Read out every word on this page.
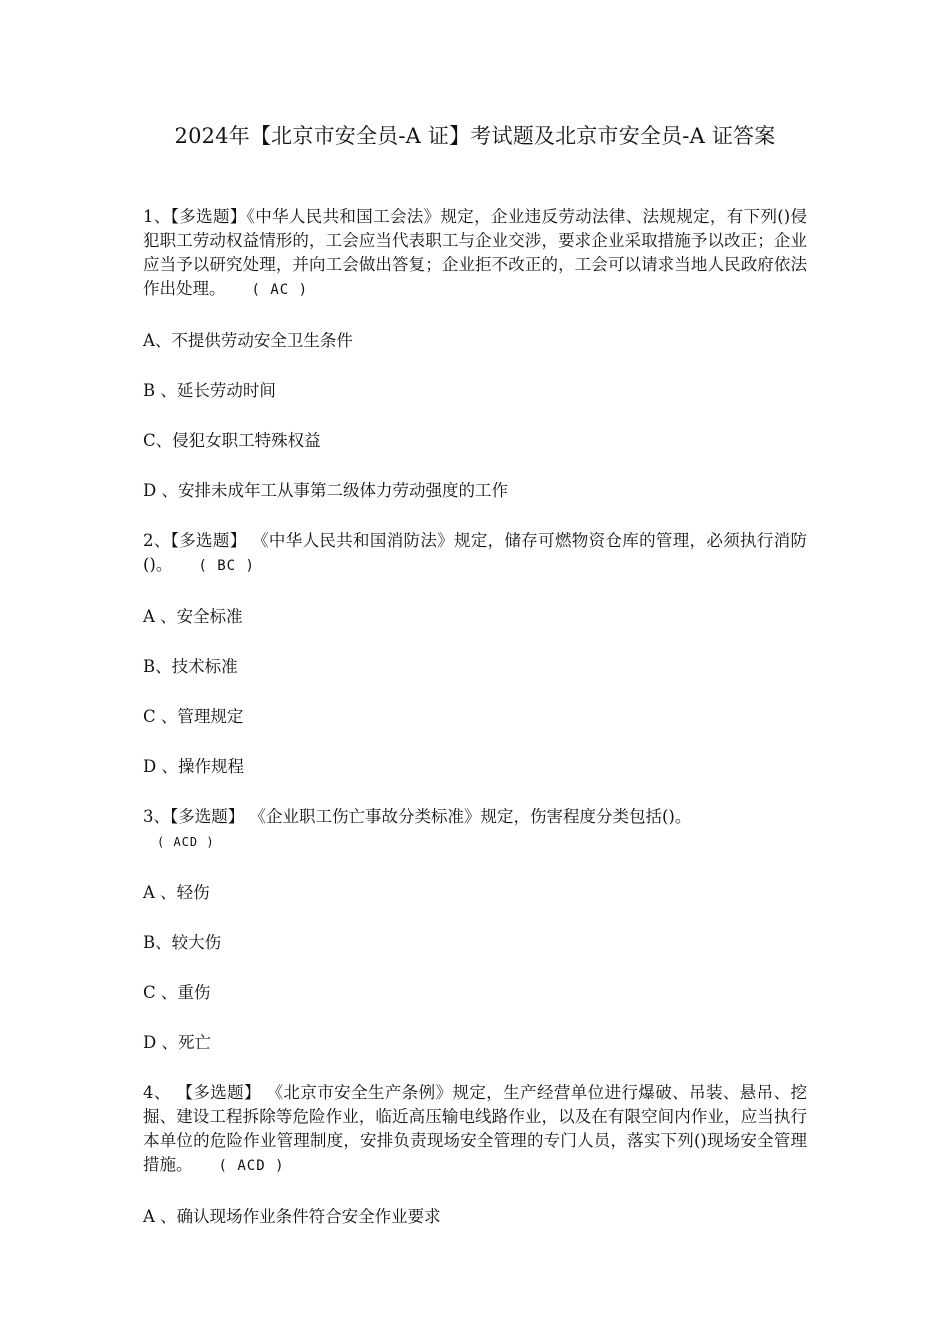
2024年【北京市安全员-A 证】考试题及北京市安全员-A 证答案

1、【多选题】《中华人民共和国工会法》规定，企业违反劳动法律、法规规定，有下列()侵犯职工劳动权益情形的，工会应当代表职工与企业交涉，要求企业采取措施予以改正；企业应当予以研究处理，并向工会做出答复；企业拒不改正的，工会可以请求当地人民政府依法作出处理。 ( AC )

A、不提供劳动安全卫生条件

B 、延长劳动时间

C、侵犯女职工特殊权益

D 、安排未成年工从事第二级体力劳动强度的工作

2、【多选题】 《中华人民共和国消防法》规定，储存可燃物资仓库的管理，必须执行消防()。 ( BC )

A 、安全标准

B、技术标准

C 、管理规定

D 、操作规程

3、【多选题】 《企业职工伤亡事故分类标准》规定，伤害程度分类包括()。
( ACD )

A 、轻伤

B、较大伤

C 、重伤

D 、死亡

4、 【多选题】 《北京市安全生产条例》规定，生产经营单位进行爆破、吊装、悬吊、挖掘、建设工程拆除等危险作业，临近高压输电线路作业，以及在有限空间内作业，应当执行本单位的危险作业管理制度，安排负责现场安全管理的专门人员，落实下列()现场安全管理措施。 ( ACD )

A 、确认现场作业条件符合安全作业要求
